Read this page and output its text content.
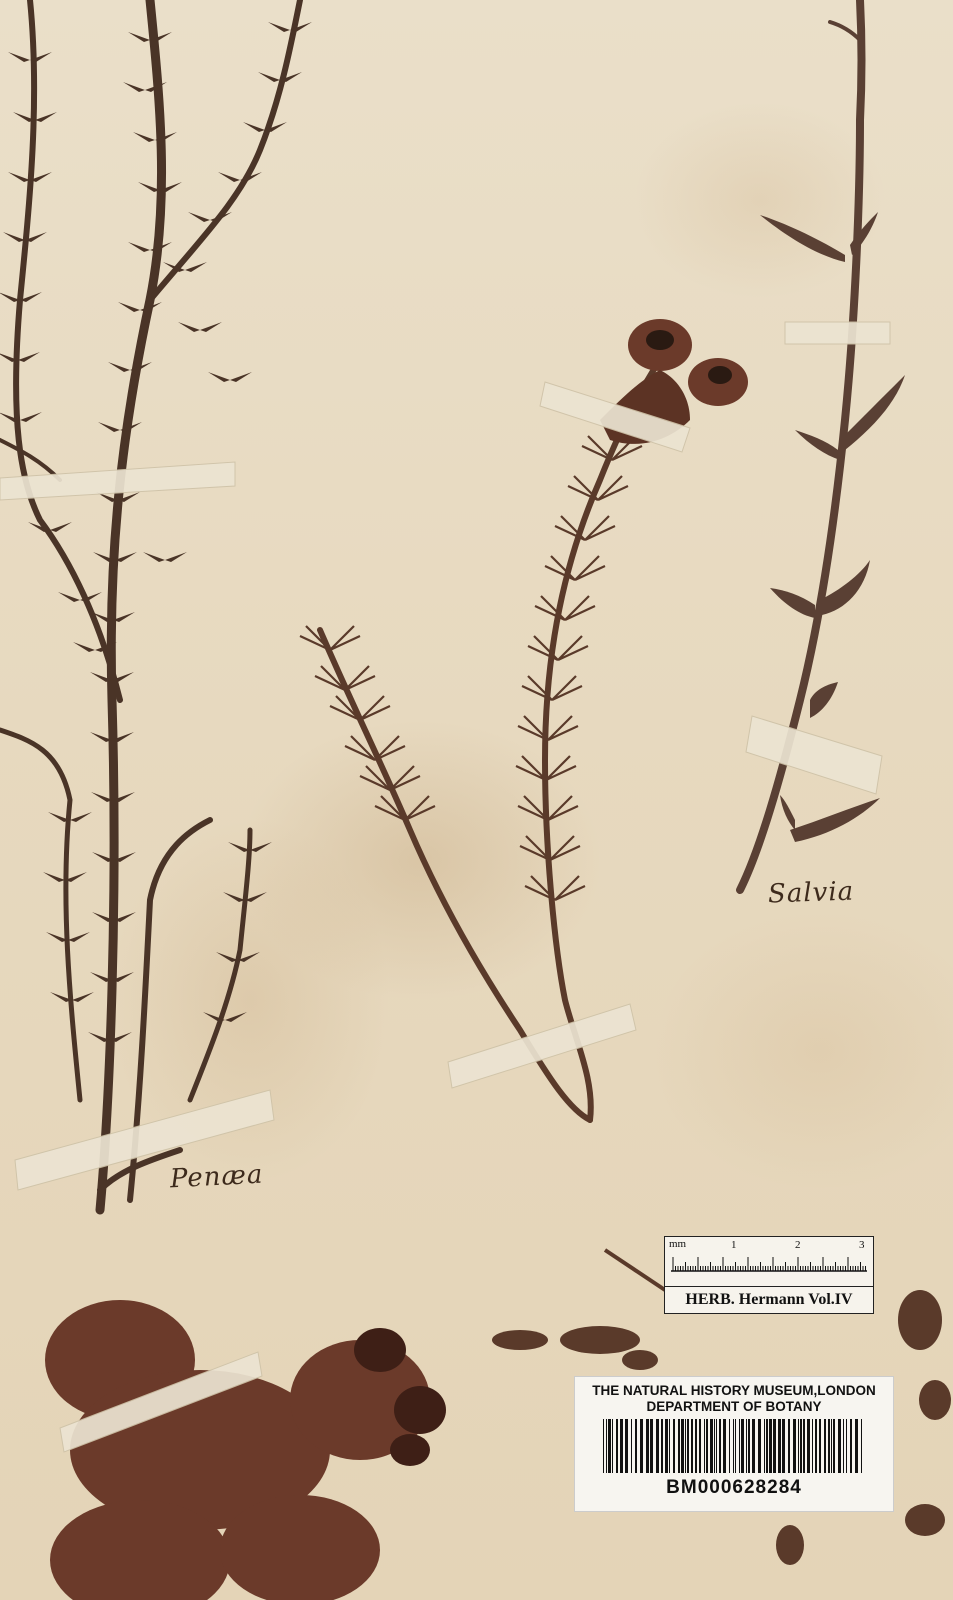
Penæa
Salvia
mm	1	2	3
HERB. Hermann Vol.IV
THE NATURAL HISTORY MUSEUM,LONDON
DEPARTMENT OF BOTANY
BM000628284
